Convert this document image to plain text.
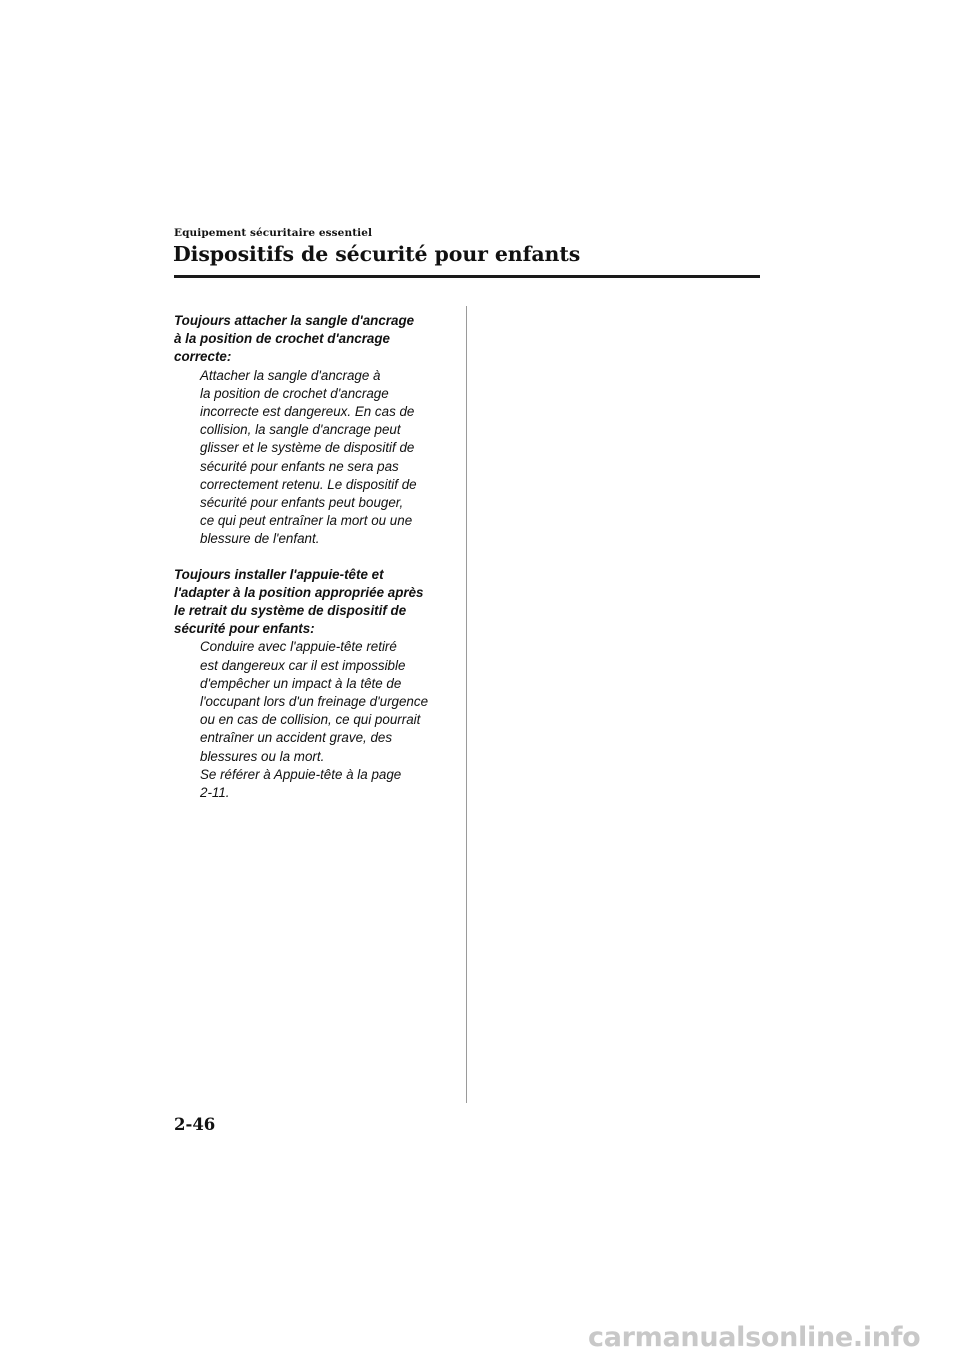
Equipement sécuritaire essentiel
Dispositifs de sécurité pour enfants

Toujours attacher la sangle d'ancrage
à la position de crochet d'ancrage
correcte:

Attacher la sangle d'ancrage à
la position de crochet d'ancrage
incorrecte est dangereux. En cas de
collision, la sangle d'ancrage peut
glisser et le système de dispositif de
sécurité pour enfants ne sera pas
correctement retenu. Le dispositif de
sécurité pour enfants peut bouger,
ce qui peut entraîner la mort ou une
blessure de l'enfant.

Toujours installer l'appuie-tête et
l'adapter à la position appropriée après
le retrait du système de dispositif de
sécurité pour enfants:

Conduire avec l'appuie-tête retiré
est dangereux car il est impossible
d'empêcher un impact à la tête de
l'occupant lors d'un freinage d'urgence
ou en cas de collision, ce qui pourrait
entraîner un accident grave, des
blessures ou la mort.
Se référer à Appuie-tête à la page
2-11.

2-46
carmanualsonline.info
